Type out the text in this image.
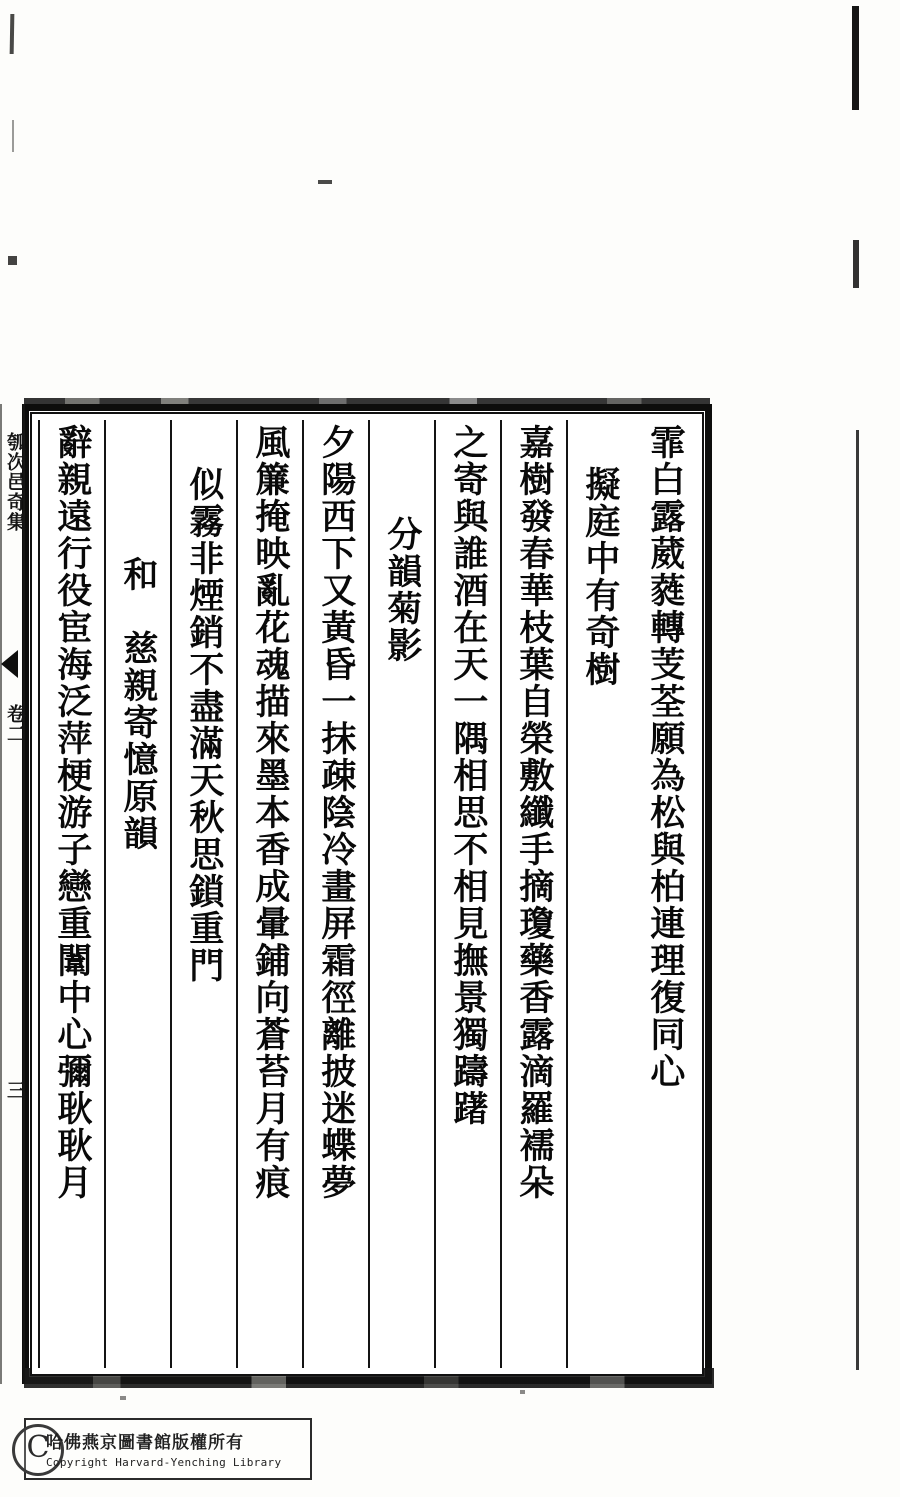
瓠次邑奇集
卷二
三	霏白露葳蕤轉芰荃願為松與柏連理復同心
擬庭中有奇樹
嘉樹發春華枝葉自榮敷纖手摘瓊藥香露滴羅襦朵
之寄與誰酒在天一隅相思不相見撫景獨躊躇
分韻菊影
夕陽西下又黃昏一抹疎陰冷畫屏霜徑離披迷蝶夢
風簾掩映亂花魂描來墨本香成暈鋪向蒼苔月有痕
似霧非煙銷不盡滿天秋思鎖重門
和　慈親寄憶原韻
辭親遠行役宦海泛萍梗游子戀重闈中心彌耿耿月
C
哈佛燕京圖書館版權所有
Copyright Harvard-Yenching Library
